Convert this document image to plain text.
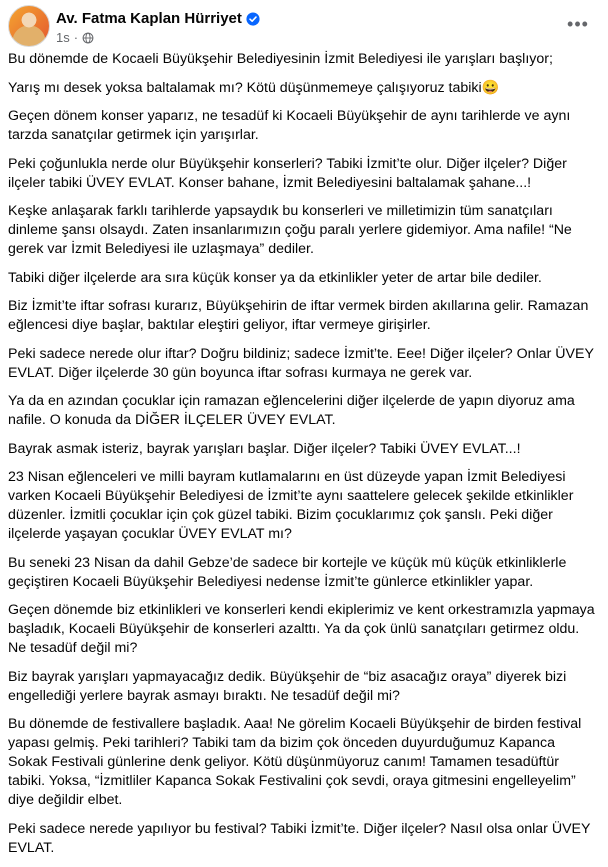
Av. Fatma Kaplan Hürriyet
1s ·
•••

Bu dönemde de Kocaeli Büyükşehir Belediyesinin İzmit Belediyesi ile yarışları başlıyor;

Yarış mı desek yoksa baltalamak mı? Kötü düşünmemeye çalışıyoruz tabiki😀

Geçen dönem konser yaparız, ne tesadüf ki Kocaeli Büyükşehir de aynı tarihlerde ve aynı tarzda sanatçılar getirmek için yarışırlar.

Peki çoğunlukla nerde olur Büyükşehir konserleri? Tabiki İzmit’te olur. Diğer ilçeler? Diğer ilçeler tabiki ÜVEY EVLAT. Konser bahane, İzmit Belediyesini baltalamak şahane...!

Keşke anlaşarak farklı tarihlerde yapsaydık bu konserleri ve milletimizin tüm sanatçıları dinleme şansı olsaydı. Zaten insanlarımızın çoğu paralı yerlere gidemiyor. Ama nafile! “Ne gerek var İzmit Belediyesi ile uzlaşmaya” dediler.

Tabiki diğer ilçelerde ara sıra küçük konser ya da etkinlikler yeter de artar bile dediler.

Biz İzmit’te iftar sofrası kurarız, Büyükşehirin de iftar vermek birden akıllarına gelir. Ramazan eğlencesi diye başlar, baktılar eleştiri geliyor, iftar vermeye girişirler.

Peki sadece nerede olur iftar? Doğru bildiniz; sadece İzmit’te. Eee! Diğer ilçeler? Onlar ÜVEY EVLAT. Diğer ilçelerde 30 gün boyunca iftar sofrası kurmaya ne gerek var.

Ya da en azından çocuklar için ramazan eğlencelerini diğer ilçelerde de yapın diyoruz ama nafile. O konuda da DİĞER İLÇELER ÜVEY EVLAT.

Bayrak asmak isteriz, bayrak yarışları başlar. Diğer ilçeler? Tabiki ÜVEY EVLAT...!

23 Nisan eğlenceleri ve milli bayram kutlamalarını en üst düzeyde yapan İzmit Belediyesi varken Kocaeli Büyükşehir Belediyesi de İzmit’te aynı saattelere gelecek şekilde etkinlikler düzenler. İzmitli çocuklar için çok güzel tabiki. Bizim çocuklarımız çok şanslı. Peki diğer ilçelerde yaşayan çocuklar ÜVEY EVLAT mı?

Bu seneki 23 Nisan da dahil Gebze’de sadece bir kortejle ve küçük mü küçük etkinliklerle geçiştiren Kocaeli Büyükşehir Belediyesi nedense İzmit’te günlerce etkinlikler yapar.

Geçen dönemde biz etkinlikleri ve konserleri kendi ekiplerimiz ve kent orkestramızla yapmaya başladık, Kocaeli Büyükşehir de konserleri azalttı. Ya da çok ünlü sanatçıları getirmez oldu. Ne tesadüf değil mi?

Biz bayrak yarışları yapmayacağız dedik. Büyükşehir de “biz asacağız oraya” diyerek bizi engellediği yerlere bayrak asmayı bıraktı. Ne tesadüf değil mi?

Bu dönemde de festivallere başladık. Aaa! Ne görelim Kocaeli Büyükşehir de birden festival yapası gelmiş. Peki tarihleri? Tabiki tam da bizim çok önceden duyurduğumuz Kapanca Sokak Festivali günlerine denk geliyor. Kötü düşünmüyoruz canım! Tamamen tesadüftür tabiki. Yoksa, “İzmitliler Kapanca Sokak Festivalini çok sevdi, oraya gitmesini engelleyelim” diye değildir elbet.

Peki sadece nerede yapılıyor bu festival? Tabiki İzmit’te. Diğer ilçeler? Nasıl olsa onlar ÜVEY EVLAT.
